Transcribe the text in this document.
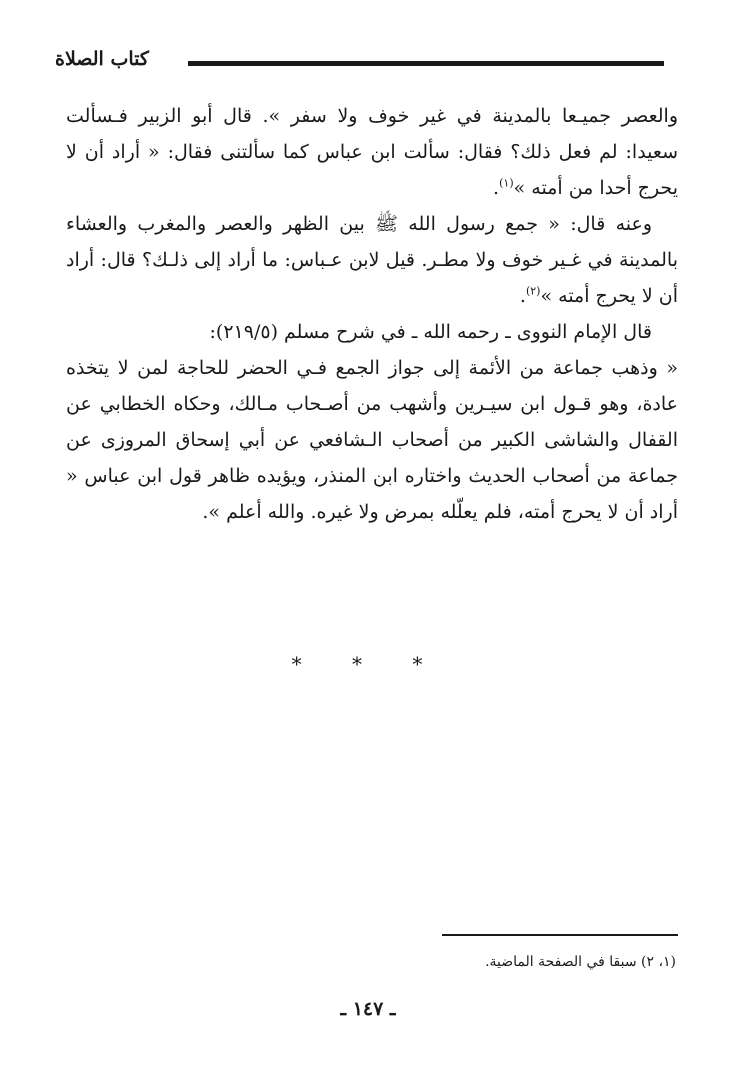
كتاب الصلاة

والعصر جميـعا بالمدينة في غير خوف ولا سفر ». قال أبو الزبير فـسألت سعيدا: لم فعل ذلك؟ فقال: سألت ابن عباس كما سألتنى فقال: « أراد أن لا يحرج أحدا من أمته »$^{(١)}$.

وعنه قال: « جمع رسول الله ﷺ بين الظهر والعصر والمغرب والعشاء بالمدينة في غـير خوف ولا مطـر. قيل لابن عـباس: ما أراد إلى ذلـك؟ قال: أراد أن لا يحرج أمته »$^{(٢)}$.

قال الإمام النووى ـ رحمه الله ـ في شرح مسلم (٢١٩/٥):

« وذهب جماعة من الأئمة إلى جواز الجمع فـي الحضر للحاجة لمن لا يتخذه عادة، وهو قـول ابن سيـرين وأشهب من أصـحاب مـالك، وحكاه الخطابي عن القفال والشاشى الكبير من أصحاب الـشافعي عن أبي إسحاق المروزى عن جماعة من أصحاب الحديث واختاره ابن المنذر، ويؤيده ظاهر قول ابن عباس « أراد أن لا يحرج أمته، فلم يعلّله بمرض ولا غيره. والله أعلم ».

* * *
(١، ٢) سبقا في الصفحة الماضية.
ـ ١٤٧ ـ
